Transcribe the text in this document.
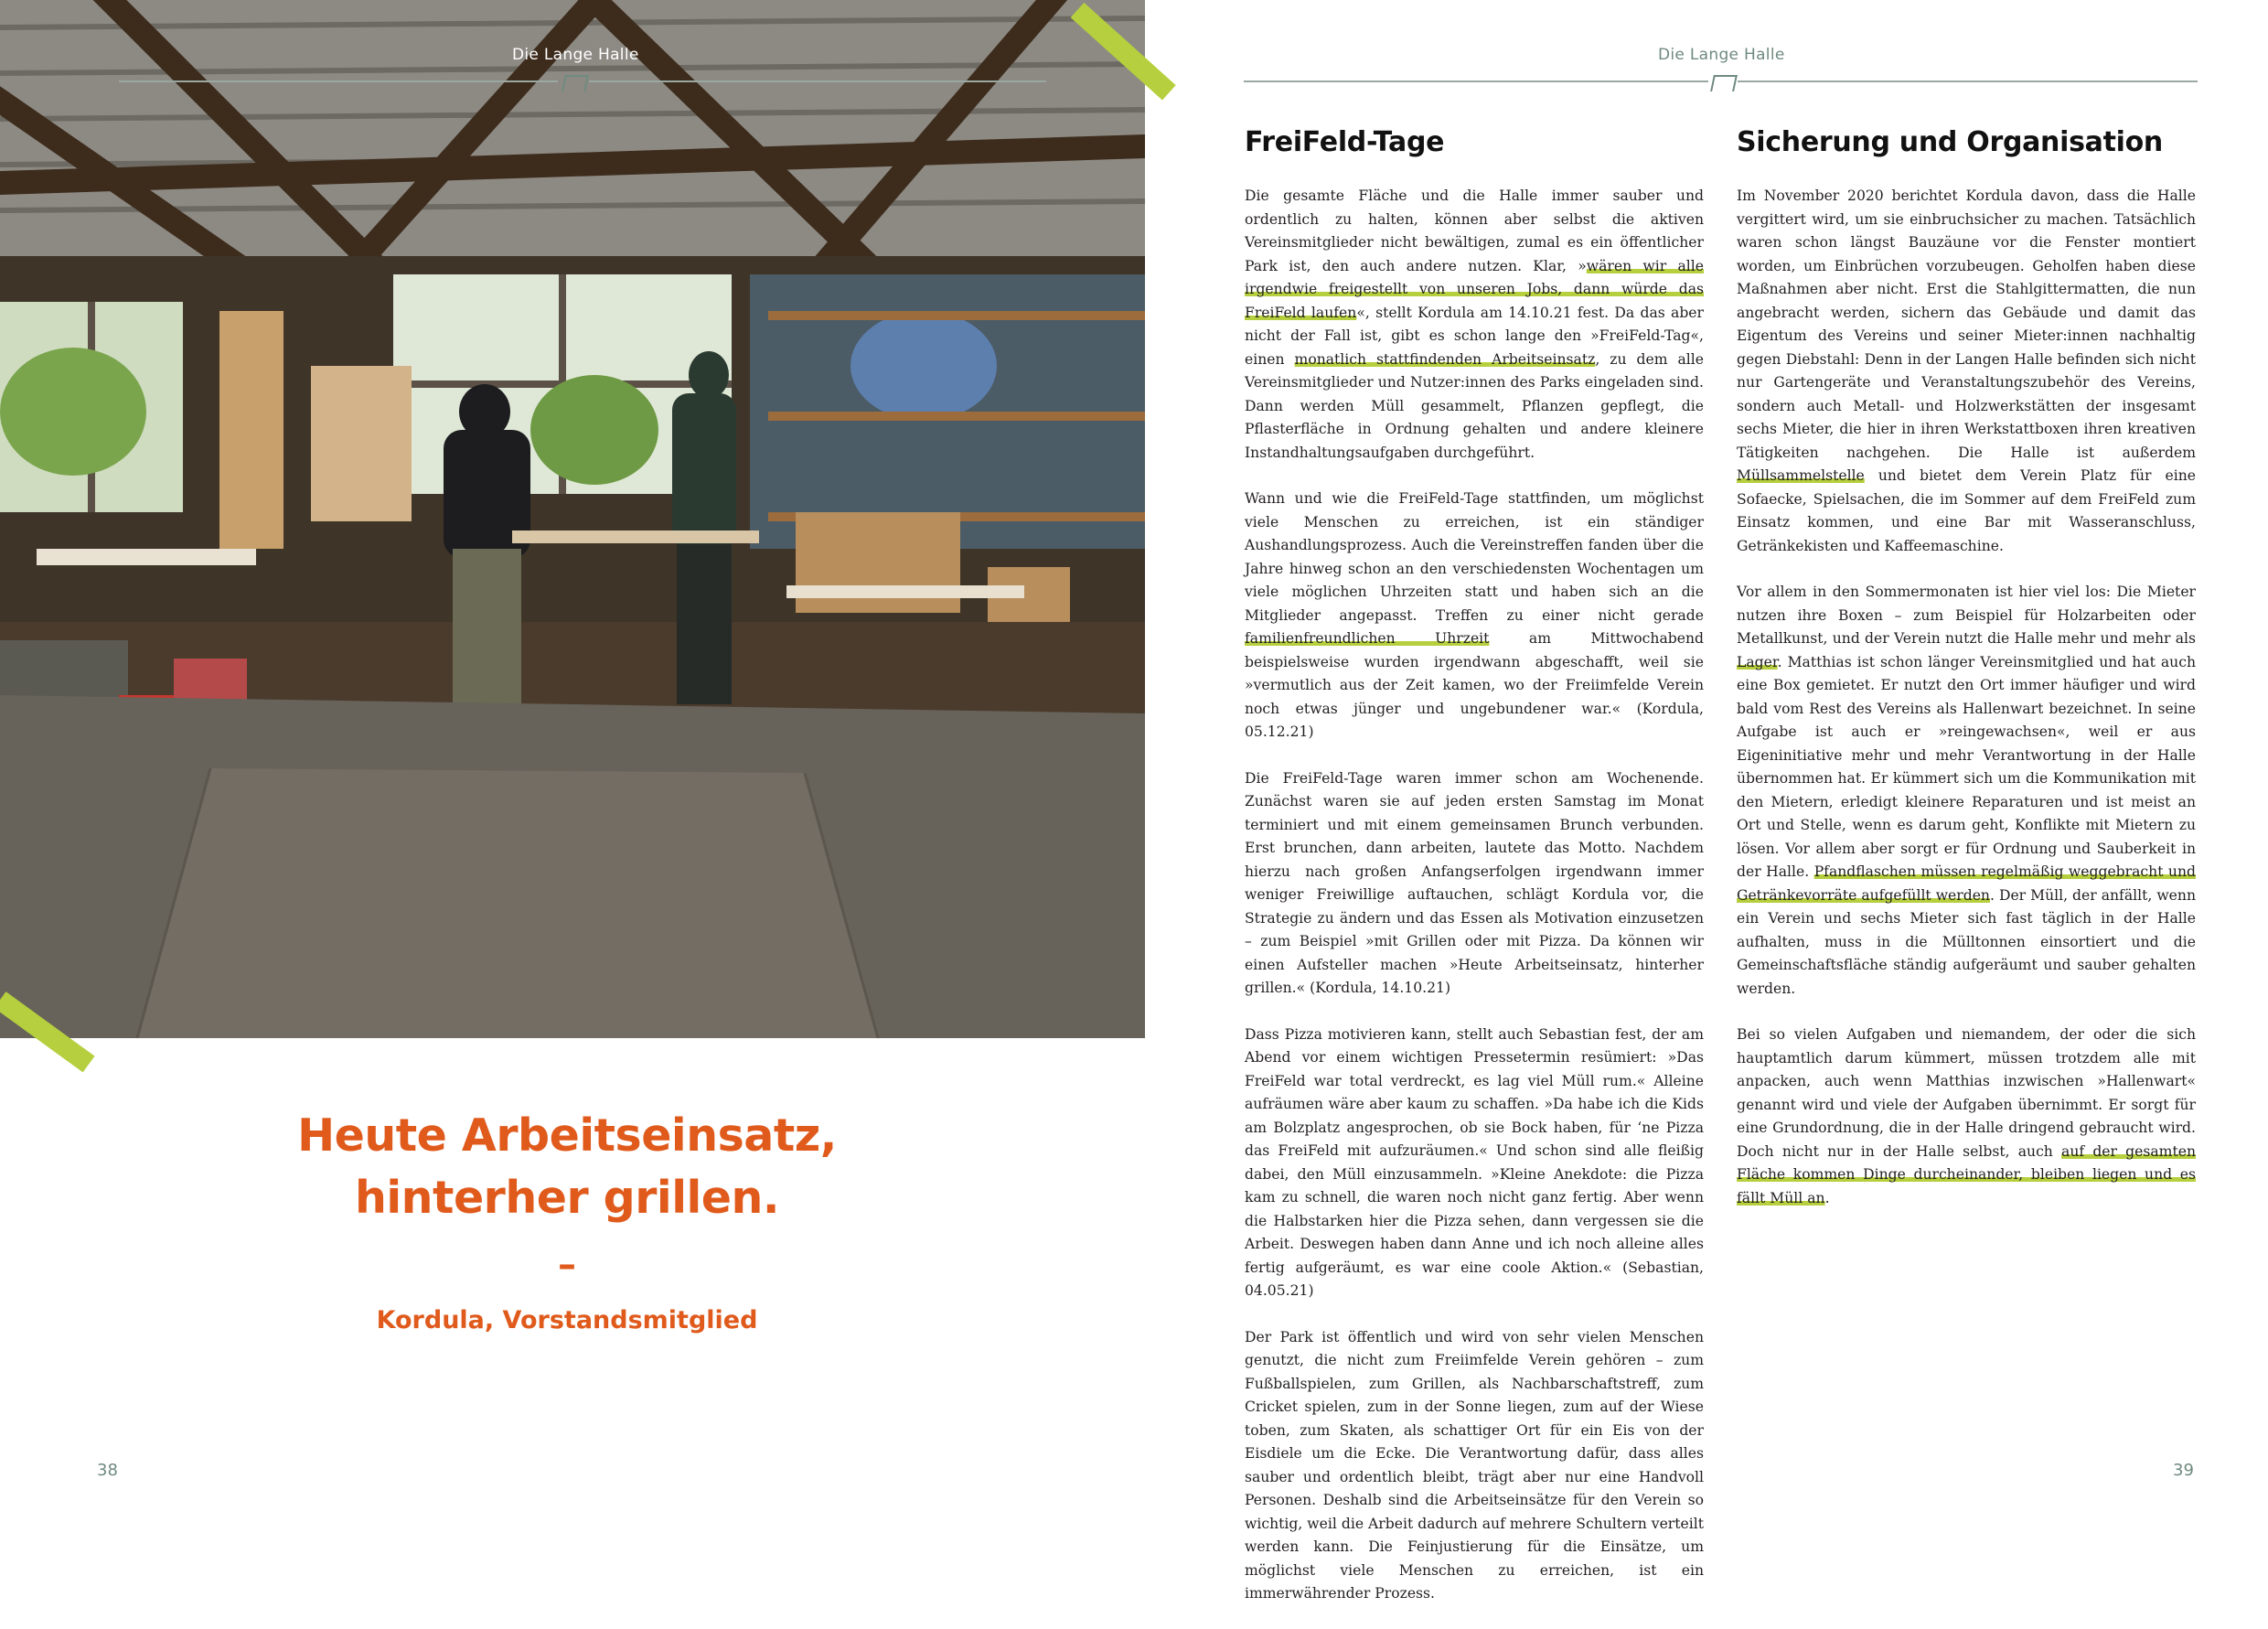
Die Lange Halle
Heute Arbeitseinsatz,
hinterher grillen.
–
Kordula, Vorstandsmitglied
38
Die Lange Halle
FreiFeld-Tage

Die gesamte Fläche und die Halle immer sauber und ordentlich zu halten, können aber selbst die aktiven Vereinsmitglieder nicht bewältigen, zumal es ein öffentlicher Park ist, den auch andere nutzen. Klar, »wären wir alle irgendwie freigestellt von unseren Jobs, dann würde das FreiFeld laufen«, stellt Kordula am 14.10.21 fest. Da das aber nicht der Fall ist, gibt es schon lange den »FreiFeld-Tag«, einen monatlich stattfindenden Arbeitseinsatz, zu dem alle Vereinsmitglieder und Nutzer:innen des Parks eingeladen sind. Dann werden Müll gesammelt, Pflanzen gepflegt, die Pflasterfläche in Ordnung gehalten und andere kleinere Instandhaltungsaufgaben durchgeführt.

Wann und wie die FreiFeld-Tage stattfinden, um möglichst viele Menschen zu erreichen, ist ein ständiger Aushandlungsprozess. Auch die Vereinstreffen fanden über die Jahre hinweg schon an den verschiedensten Wochentagen um viele möglichen Uhrzeiten statt und haben sich an die Mitglieder angepasst. Treffen zu einer nicht gerade familienfreundlichen Uhrzeit am Mittwochabend beispielsweise wurden irgendwann abgeschafft, weil sie »vermutlich aus der Zeit kamen, wo der Freiimfelde Verein noch etwas jünger und ungebundener war.« (Kordula, 05.12.21)

Die FreiFeld-Tage waren immer schon am Wochenende. Zunächst waren sie auf jeden ersten Samstag im Monat terminiert und mit einem gemeinsamen Brunch verbunden. Erst brunchen, dann arbeiten, lautete das Motto. Nachdem hierzu nach großen Anfangserfolgen irgendwann immer weniger Freiwillige auftauchen, schlägt Kordula vor, die Strategie zu ändern und das Essen als Motivation einzusetzen – zum Beispiel »mit Grillen oder mit Pizza. Da können wir einen Aufsteller machen »Heute Arbeitseinsatz, hinterher grillen.« (Kordula, 14.10.21)

Dass Pizza motivieren kann, stellt auch Sebastian fest, der am Abend vor einem wichtigen Pressetermin resümiert: »Das FreiFeld war total verdreckt, es lag viel Müll rum.« Alleine aufräumen wäre aber kaum zu schaffen. »Da habe ich die Kids am Bolzplatz angesprochen, ob sie Bock haben, für ‘ne Pizza das FreiFeld mit aufzuräumen.« Und schon sind alle fleißig dabei, den Müll einzusammeln. »Kleine Anekdote: die Pizza kam zu schnell, die waren noch nicht ganz fertig. Aber wenn die Halbstarken hier die Pizza sehen, dann vergessen sie die Arbeit. Deswegen haben dann Anne und ich noch alleine alles fertig aufgeräumt, es war eine coole Aktion.« (Sebastian, 04.05.21)

Der Park ist öffentlich und wird von sehr vielen Menschen genutzt, die nicht zum Freiimfelde Verein gehören – zum Fußballspielen, zum Grillen, als Nachbarschaftstreff, zum Cricket spielen, zum in der Sonne liegen, zum auf der Wiese toben, zum Skaten, als schattiger Ort für ein Eis von der Eisdiele um die Ecke. Die Verantwortung dafür, dass alles sauber und ordentlich bleibt, trägt aber nur eine Handvoll Personen. Deshalb sind die Arbeitseinsätze für den Verein so wichtig, weil die Arbeit dadurch auf mehrere Schultern verteilt werden kann. Die Feinjustierung für die Einsätze, um möglichst viele Menschen zu erreichen, ist ein immerwährender Prozess.

Sicherung und Organisation

Im November 2020 berichtet Kordula davon, dass die Halle vergittert wird, um sie einbruchsicher zu machen. Tatsächlich waren schon längst Bauzäune vor die Fenster montiert worden, um Einbrüchen vorzubeugen. Geholfen haben diese Maßnahmen aber nicht. Erst die Stahlgittermatten, die nun angebracht werden, sichern das Gebäude und damit das Eigentum des Vereins und seiner Mieter:innen nachhaltig gegen Diebstahl: Denn in der Langen Halle befinden sich nicht nur Gartengeräte und Veranstaltungszubehör des Vereins, sondern auch Metall- und Holzwerkstätten der insgesamt sechs Mieter, die hier in ihren Werkstattboxen ihren kreativen Tätigkeiten nachgehen. Die Halle ist außerdem Müllsammelstelle und bietet dem Verein Platz für eine Sofaecke, Spielsachen, die im Sommer auf dem FreiFeld zum Einsatz kommen, und eine Bar mit Wasseranschluss, Getränkekisten und Kaffeemaschine.

Vor allem in den Sommermonaten ist hier viel los: Die Mieter nutzen ihre Boxen – zum Beispiel für Holzarbeiten oder Metallkunst, und der Verein nutzt die Halle mehr und mehr als Lager. Matthias ist schon länger Vereinsmitglied und hat auch eine Box gemietet. Er nutzt den Ort immer häufiger und wird bald vom Rest des Vereins als Hallenwart bezeichnet. In seine Aufgabe ist auch er »reingewachsen«, weil er aus Eigeninitiative mehr und mehr Verantwortung in der Halle übernommen hat. Er kümmert sich um die Kommunikation mit den Mietern, erledigt kleinere Reparaturen und ist meist an Ort und Stelle, wenn es darum geht, Konflikte mit Mietern zu lösen. Vor allem aber sorgt er für Ordnung und Sauberkeit in der Halle. Pfandflaschen müssen regelmäßig weggebracht und Getränkevorräte aufgefüllt werden. Der Müll, der anfällt, wenn ein Verein und sechs Mieter sich fast täglich in der Halle aufhalten, muss in die Mülltonnen einsortiert und die Gemeinschaftsfläche ständig aufgeräumt und sauber gehalten werden.

Bei so vielen Aufgaben und niemandem, der oder die sich hauptamtlich darum kümmert, müssen trotzdem alle mit anpacken, auch wenn Matthias inzwischen »Hallenwart« genannt wird und viele der Aufgaben übernimmt. Er sorgt für eine Grundordnung, die in der Halle dringend gebraucht wird. Doch nicht nur in der Halle selbst, auch auf der gesamten Fläche kommen Dinge durcheinander, bleiben liegen und es fällt Müll an.

39
